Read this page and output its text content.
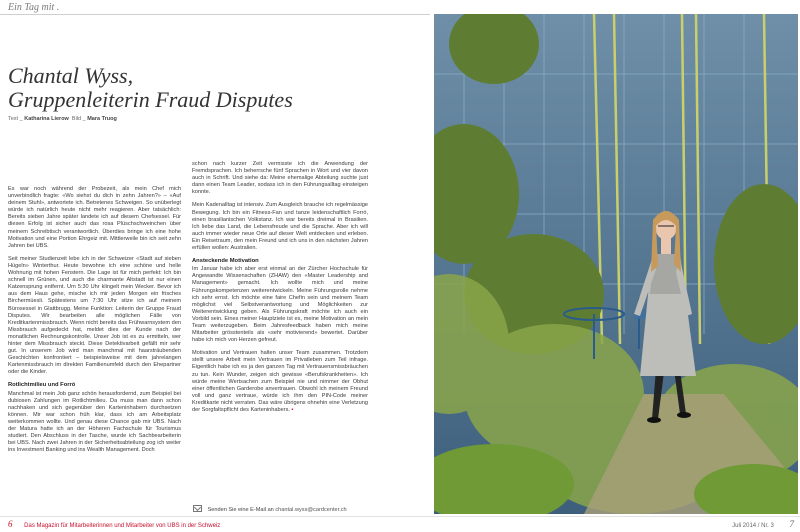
Ein Tag mit .
Chantal Wyss,
Gruppenleiterin Fraud Disputes
Text _ Katharina Lierow Bild _ Mara Truog

Es war noch während der Probezeit, als mein Chef mich unverbindlich fragte: «Wo siehst du dich in zehn Jahren?» – «Auf deinem Stuhl», antwortete ich. Betretenes Schweigen. So unüberlegt würde ich natürlich heute nicht mehr reagieren. Aber tatsächlich: Bereits sieben Jahre später landete ich auf diesem Chefsessel. Für diesen Erfolg ist sicher auch das rosa Plüschschweinchen über meinem Schreibtisch verantwortlich. Überdies bringe ich eine hohe Motivation und eine Portion Ehrgeiz mit. Mittlerweile bin ich seit zehn Jahren bei UBS.

Seit meiner Studienzeit lebe ich in der Schweizer «Stadt auf sieben Hügeln» Winterthur. Heute bewohne ich eine schöne und helle Wohnung mit hohen Fenstern. Die Lage ist für mich perfekt: Ich bin schnell im Grünen, und auch die charmante Altstadt ist nur einen Katzensprung entfernt. Um 5:30 Uhr klingelt mein Wecker. Bevor ich aus dem Haus gehe, mische ich mir jeden Morgen ein frisches Birchermüesli. Spätestens um 7:30 Uhr sitze ich auf meinem Bürosessel in Glattbrugg. Meine Funktion: Leiterin der Gruppe Fraud Disputes. Wir bearbeiten alle möglichen Fälle von Kreditkartenmissbrauch. Wenn nicht bereits das Frühwarnsystem den Missbrauch aufgedeckt hat, meldet dies der Kunde nach der monatlichen Rechnungskontrolle. Unser Job ist es zu ermitteln, wer hinter dem Missbrauch steckt. Diese Detektivarbeit gefällt mir sehr gut. In unserem Job wird man manchmal mit haarsträubenden Geschichten konfrontiert – beispielsweise mit dem jahrelangen Kartenmissbrauch im direkten Familienumfeld durch den Ehepartner oder die Kinder.

Rotlichtmilieu und Forró

Manchmal ist mein Job ganz schön herausfordernd, zum Beispiel bei dubiosen Zahlungen im Rotlichtmilieu. Da muss man dann schon nachhaken und sich gegenüber den Karteninhabern durchsetzen können. Mir war schon früh klar, dass ich am Arbeitsplatz weiterkommen wollte. Und genau diese Chance gab mir UBS. Nach der Matura hatte ich an der Höheren Fachschule für Tourismus studiert. Den Abschluss in der Tasche, wurde ich Sachbearbeiterin bei UBS. Nach zwei Jahren in der Sicherheitsabteilung zog ich weiter ins Investment Banking und ins Wealth Management. Doch

schon nach kurzer Zeit vermisste ich die Anwendung der Fremdsprachen. Ich beherrsche fünf Sprachen in Wort und vier davon auch in Schrift. Und siehe da: Meine ehemalige Abteilung suchte just dann einen Team Leader, sodass ich in den Führungsalltag einsteigen konnte.

Mein Kadenalltag ist intensiv. Zum Ausgleich brauche ich regelmässige Bewegung. Ich bin ein Fitness-Fan und tanze leidenschaftlich Forró, einen brasilianischen Volkstanz. Ich war bereits dreimal in Brasilien. Ich liebe das Land, die Lebensfreude und die Sprache. Aber ich will auch immer wieder neue Orte auf dieser Welt entdecken und erleben. Ein Reisetraum, den mein Freund und ich uns in den nächsten Jahren erfüllen wollen: Australien.

Ansteckende Motivation

Im Januar habe ich aber erst einmal an der Zürcher Hochschule für Angewandte Wissenschaften (ZHAW) den «Master Leadership and Management» gemacht. Ich wollte mich und meine Führungskompetenzen weiterentwickeln. Meine Führungsrolle nehme ich sehr ernst. Ich möchte eine faire Chefin sein und meinem Team möglichst viel Selbstverantwortung und Möglichkeiten zur Weiterentwicklung geben. Als Führungskraft möchte ich auch ein Vorbild sein. Eines meiner Hauptziele ist es, meine Motivation an mein Team weiterzugeben. Beim Jahresfeedback haben mich meine Mitarbeiter grösstenteils als «sehr motivierend» bewertet. Darüber habe ich mich von Herzen gefreut.

Motivation und Vertrauen halten unser Team zusammen. Trotzdem stellt unsere Arbeit mein Vertrauen im Privatleben zum Teil infrage. Eigentlich habe ich es ja den ganzen Tag mit Vertrauensmissbräuchen zu tun. Kein Wunder, zeigen sich gewisse «Berufskrankheiten». Ich würde meine Wertsachen zum Beispiel nie und nimmer der Obhut einer öffentlichen Garderobe anvertrauen. Obwohl ich meinem Freund voll und ganz vertraue, würde ich ihm den PIN-Code meiner Kreditkarte nicht verraten. Das wäre übrigens ohnehin eine Verletzung der Sorgfaltspflicht des Karteninhabers. ▪

Senden Sie eine E-Mail an chantal.wyss@cardcenter.ch
6 Das Magazin für Mitarbeiterinnen und Mitarbeiter von UBS in der Schweiz	Juli 2014 / Nr. 3 7
